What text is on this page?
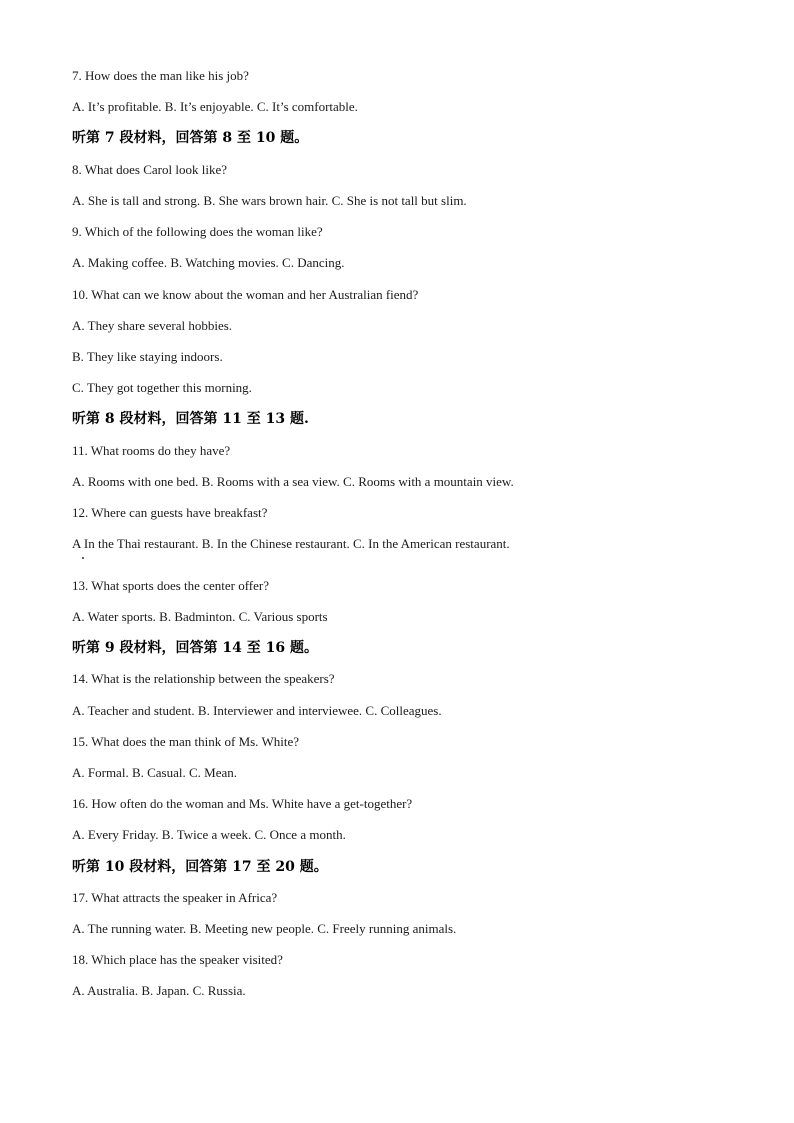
7. How does the man like his job?
A. It’s profitable. B. It’s enjoyable. C. It’s comfortable.
听第 7 段材料，回答第 8 至 10 题。
8. What does Carol look like?
A. She is tall and strong. B. She wars brown hair. C. She is not tall but slim.
9. Which of the following does the woman like?
A. Making coffee. B. Watching movies. C. Dancing.
10. What can we know about the woman and her Australian fiend?
A. They share several hobbies.
B. They like staying indoors.
C. They got together this morning.
听第 8 段材料，回答第 11 至 13 题.
11. What rooms do they have?
A. Rooms with one bed. B. Rooms with a sea view. C. Rooms with a mountain view.
12. Where can guests have breakfast?
A In the Thai restaurant. B. In the Chinese restaurant. C. In the American restaurant.
13. What sports does the center offer?
A. Water sports. B. Badminton. C. Various sports
听第 9 段材料，回答第 14 至 16 题。
14. What is the relationship between the speakers?
A. Teacher and student. B. Interviewer and interviewee. C. Colleagues.
15. What does the man think of Ms. White?
A. Formal. B. Casual. C. Mean.
16. How often do the woman and Ms. White have a get-together?
A. Every Friday. B. Twice a week. C. Once a month.
听第 10 段材料，回答第 17 至 20 题。
17. What attracts the speaker in Africa?
A. The running water. B. Meeting new people. C. Freely running animals.
18. Which place has the speaker visited?
A. Australia. B. Japan. C. Russia.
